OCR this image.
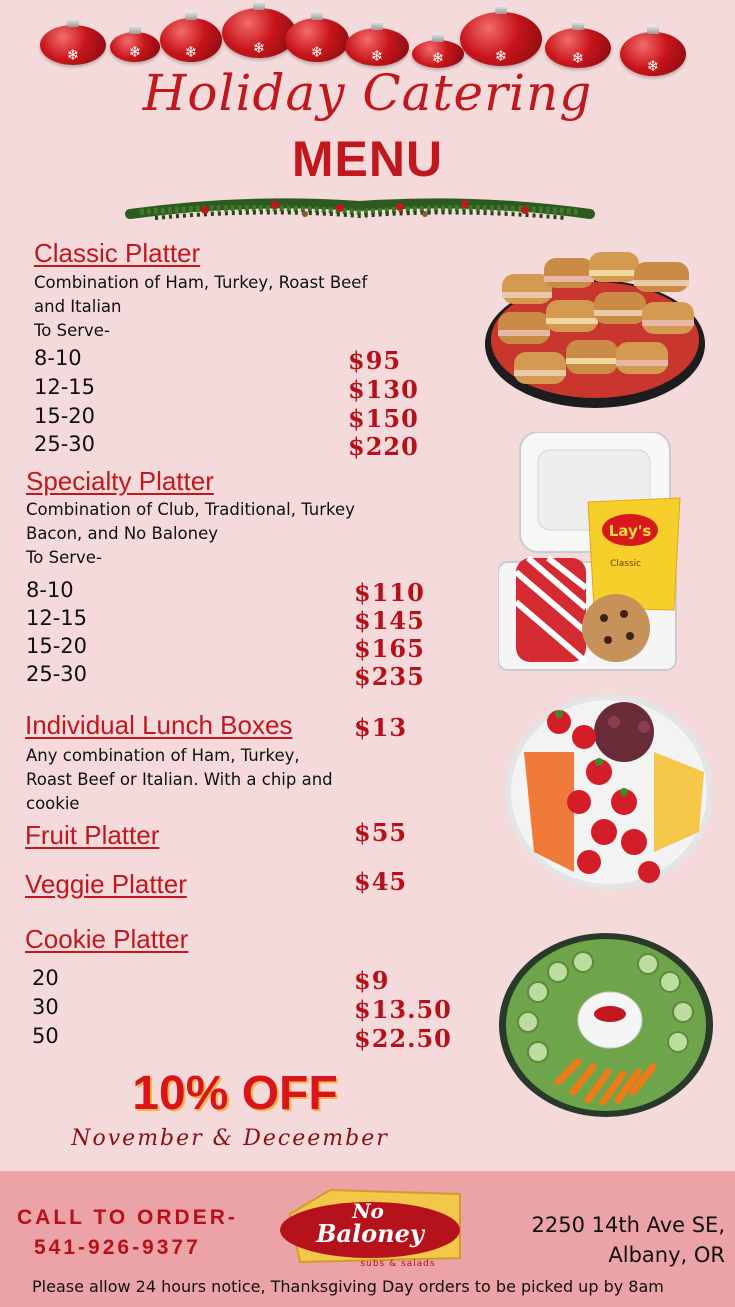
❄	❄	❄	❄	❄	❄	❄	❄	❄	❄
Holiday Catering
MENU
Classic Platter
Combination of Ham, Turkey, Roast Beef
and Italian
To Serve-
8-10	$95
12-15	$130
15-20	$150
25-30	$220
Specialty Platter
Combination of Club, Traditional, Turkey
Bacon, and No Baloney
To Serve-
8-10	$110
12-15	$145
15-20	$165
25-30	$235
Individual Lunch Boxes	$13
Any combination of Ham, Turkey,
Roast Beef or Italian. With a chip and
cookie
Fruit Platter	$55
Veggie Platter	$45
Cookie Platter
20	$9
30	$13.50
50	$22.50
10% OFF
November & Deceember
Lay's
Classic
CALL TO ORDER-
541-926-9377
No
Baloney
subs & salads
2250 14th Ave SE,
Albany, OR
Please allow 24 hours notice, Thanksgiving Day orders to be picked up by 8am
